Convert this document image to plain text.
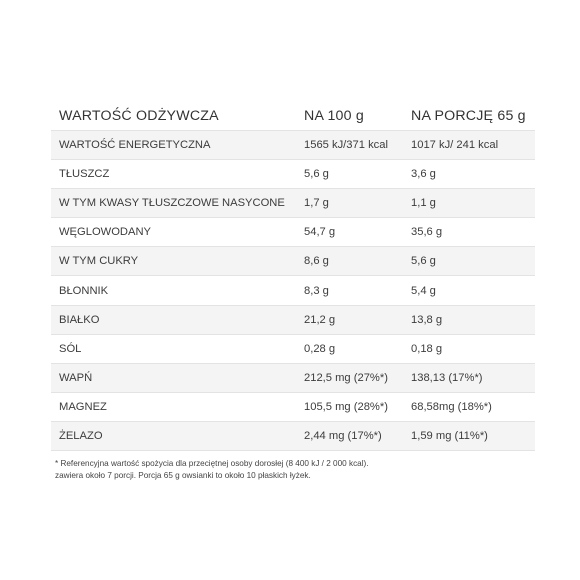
WARTOŚĆ ODŻYWCZA	NA 100 g	NA PORCJĘ 65 g
WARTOŚĆ ENERGETYCZNA	1565 kJ/371 kcal	1017 kJ/ 241 kcal
TŁUSZCZ	5,6 g	3,6 g
W TYM KWASY TŁUSZCZOWE NASYCONE	1,7 g	1,1 g
WĘGLOWODANY	54,7 g	35,6 g
W TYM CUKRY	8,6 g	5,6 g
BŁONNIK	8,3 g	5,4 g
BIAŁKO	21,2 g	13,8 g
SÓL	0,28 g	0,18 g
WAPŃ	212,5 mg (27%*)	138,13 (17%*)
MAGNEZ	105,5 mg (28%*)	68,58mg (18%*)
ŻELAZO	2,44 mg (17%*)	1,59 mg (11%*)
* Referencyjna wartość spożycia dla przeciętnej osoby dorosłej (8 400 kJ / 2 000 kcal).
zawiera około 7 porcji. Porcja 65 g owsianki to około 10 płaskich łyżek.
